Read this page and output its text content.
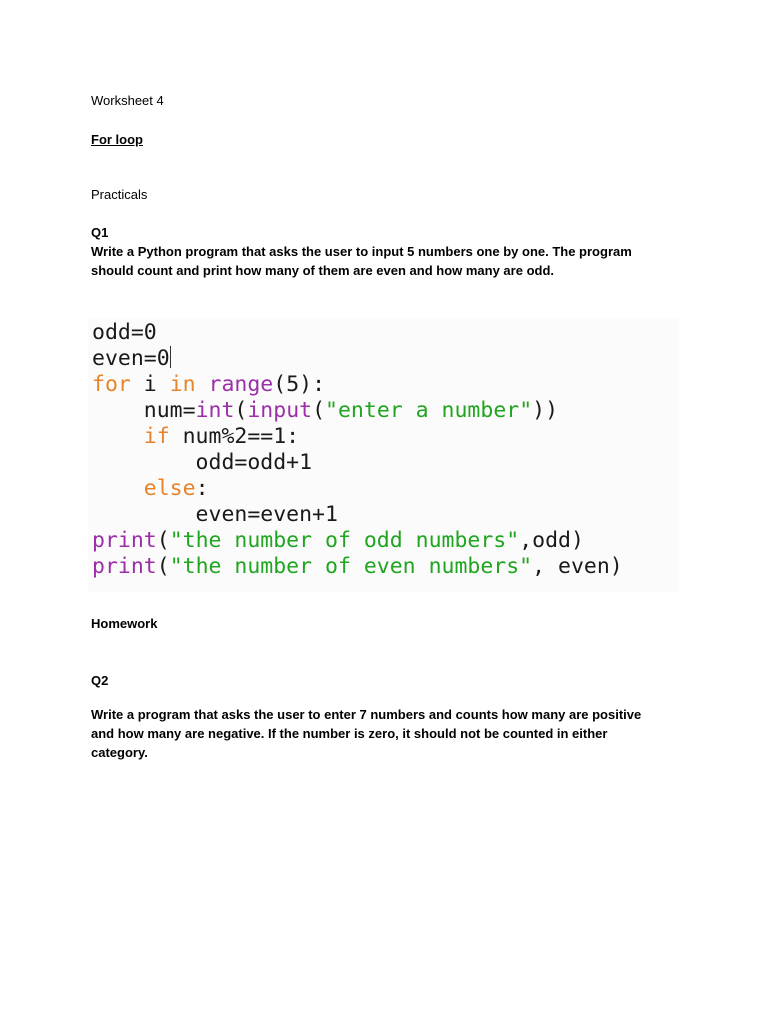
Worksheet 4
For loop
Practicals
Q1
Write a Python program that asks the user to input 5 numbers one by one. The program
should count and print how many of them are even and how many are odd.
odd=0
even=0
for i in range(5):
num=int(input("enter a number"))
if num%2==1:
odd=odd+1
else:
even=even+1
print("the number of odd numbers",odd)
print("the number of even numbers", even)
Homework
Q2
Write a program that asks the user to enter 7 numbers and counts how many are positive
and how many are negative. If the number is zero, it should not be counted in either
category.
